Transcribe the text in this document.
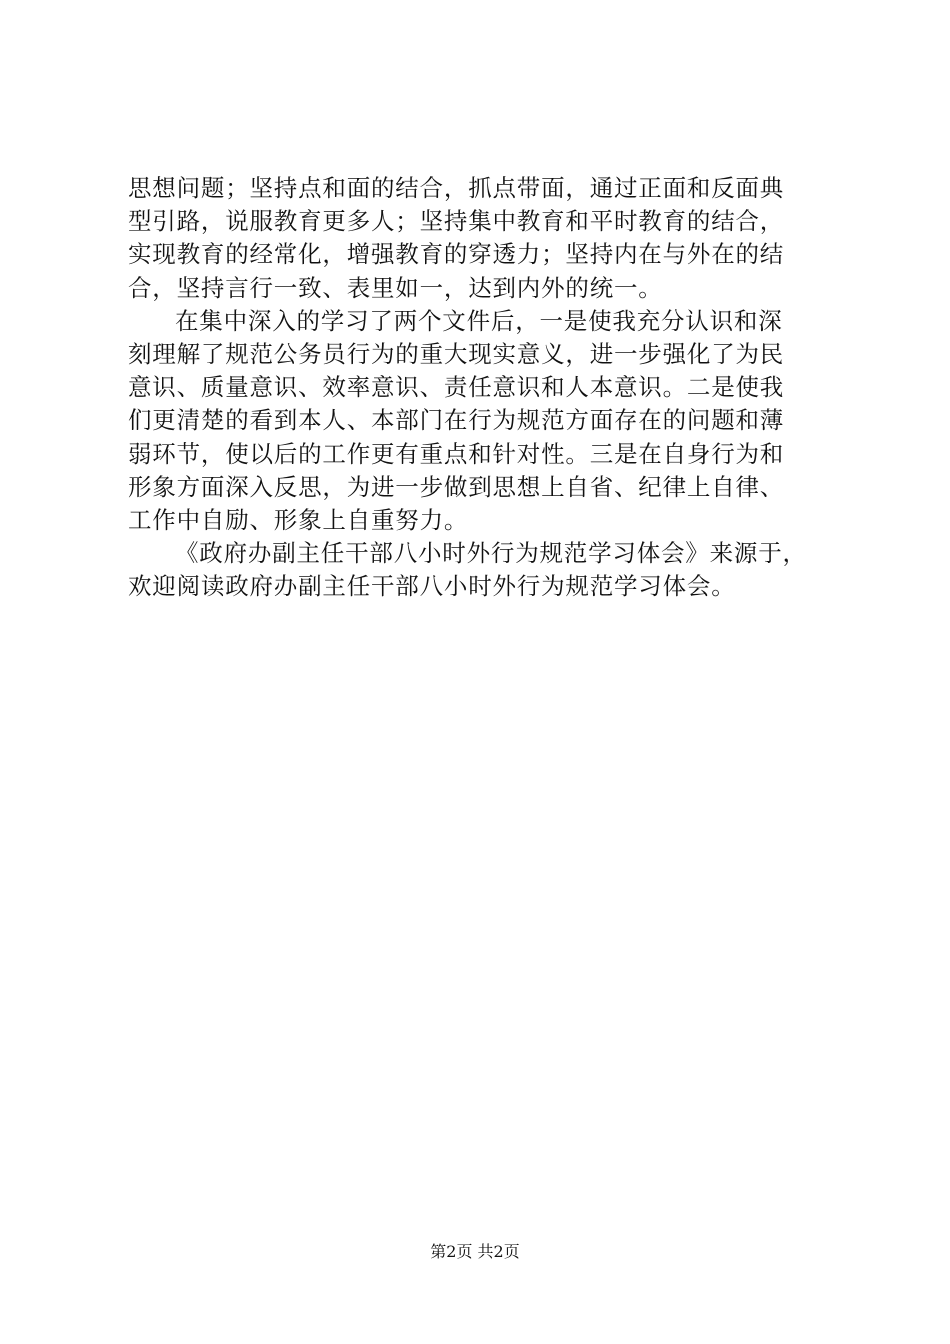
思想问题；坚持点和面的结合，抓点带面，通过正面和反面典
型引路，说服教育更多人；坚持集中教育和平时教育的结合，
实现教育的经常化，增强教育的穿透力；坚持内在与外在的结
合，坚持言行一致、表里如一，达到内外的统一。
在集中深入的学习了两个文件后，一是使我充分认识和深
刻理解了规范公务员行为的重大现实意义，进一步强化了为民
意识、质量意识、效率意识、责任意识和人本意识。二是使我
们更清楚的看到本人、本部门在行为规范方面存在的问题和薄
弱环节，使以后的工作更有重点和针对性。三是在自身行为和
形象方面深入反思，为进一步做到思想上自省、纪律上自律、
工作中自励、形象上自重努力。
《政府办副主任干部八小时外行为规范学习体会》来源于，
欢迎阅读政府办副主任干部八小时外行为规范学习体会。
第2页 共2页
